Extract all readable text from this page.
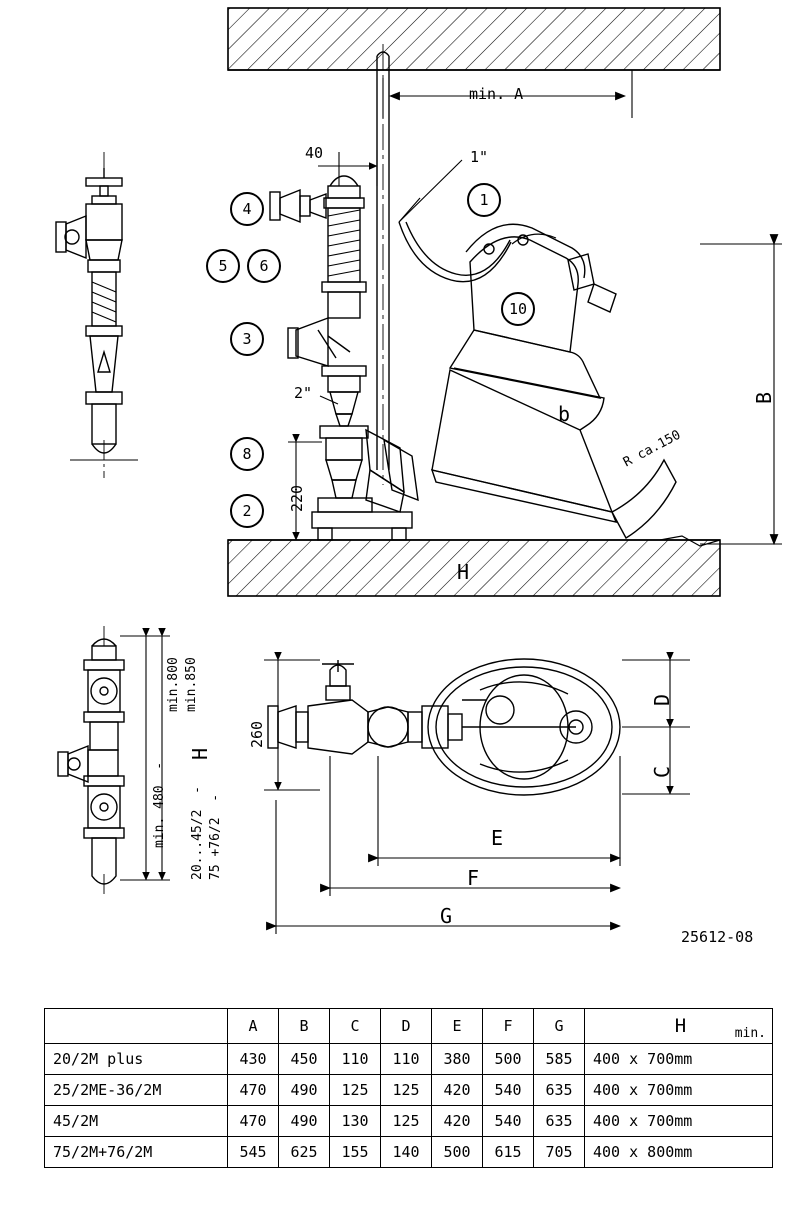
min. A
40	1"
2"
220
B
H
R ca.150
b
1
10
4
5	6
3
8
2
min.800 min.850
H
min. 480  - 20...45/2  - 75 +76/2  -
260
D
C
E
F
G
25612-08
	A	B	C	D	E	F	G	H min.

20/2M plus	430	450	110	110	380	500	585	400 x 700mm
25/2ME-36/2M	470	490	125	125	420	540	635	400 x 700mm
45/2M	470	490	130	125	420	540	635	400 x 700mm
75/2M+76/2M	545	625	155	140	500	615	705	400 x 800mm
